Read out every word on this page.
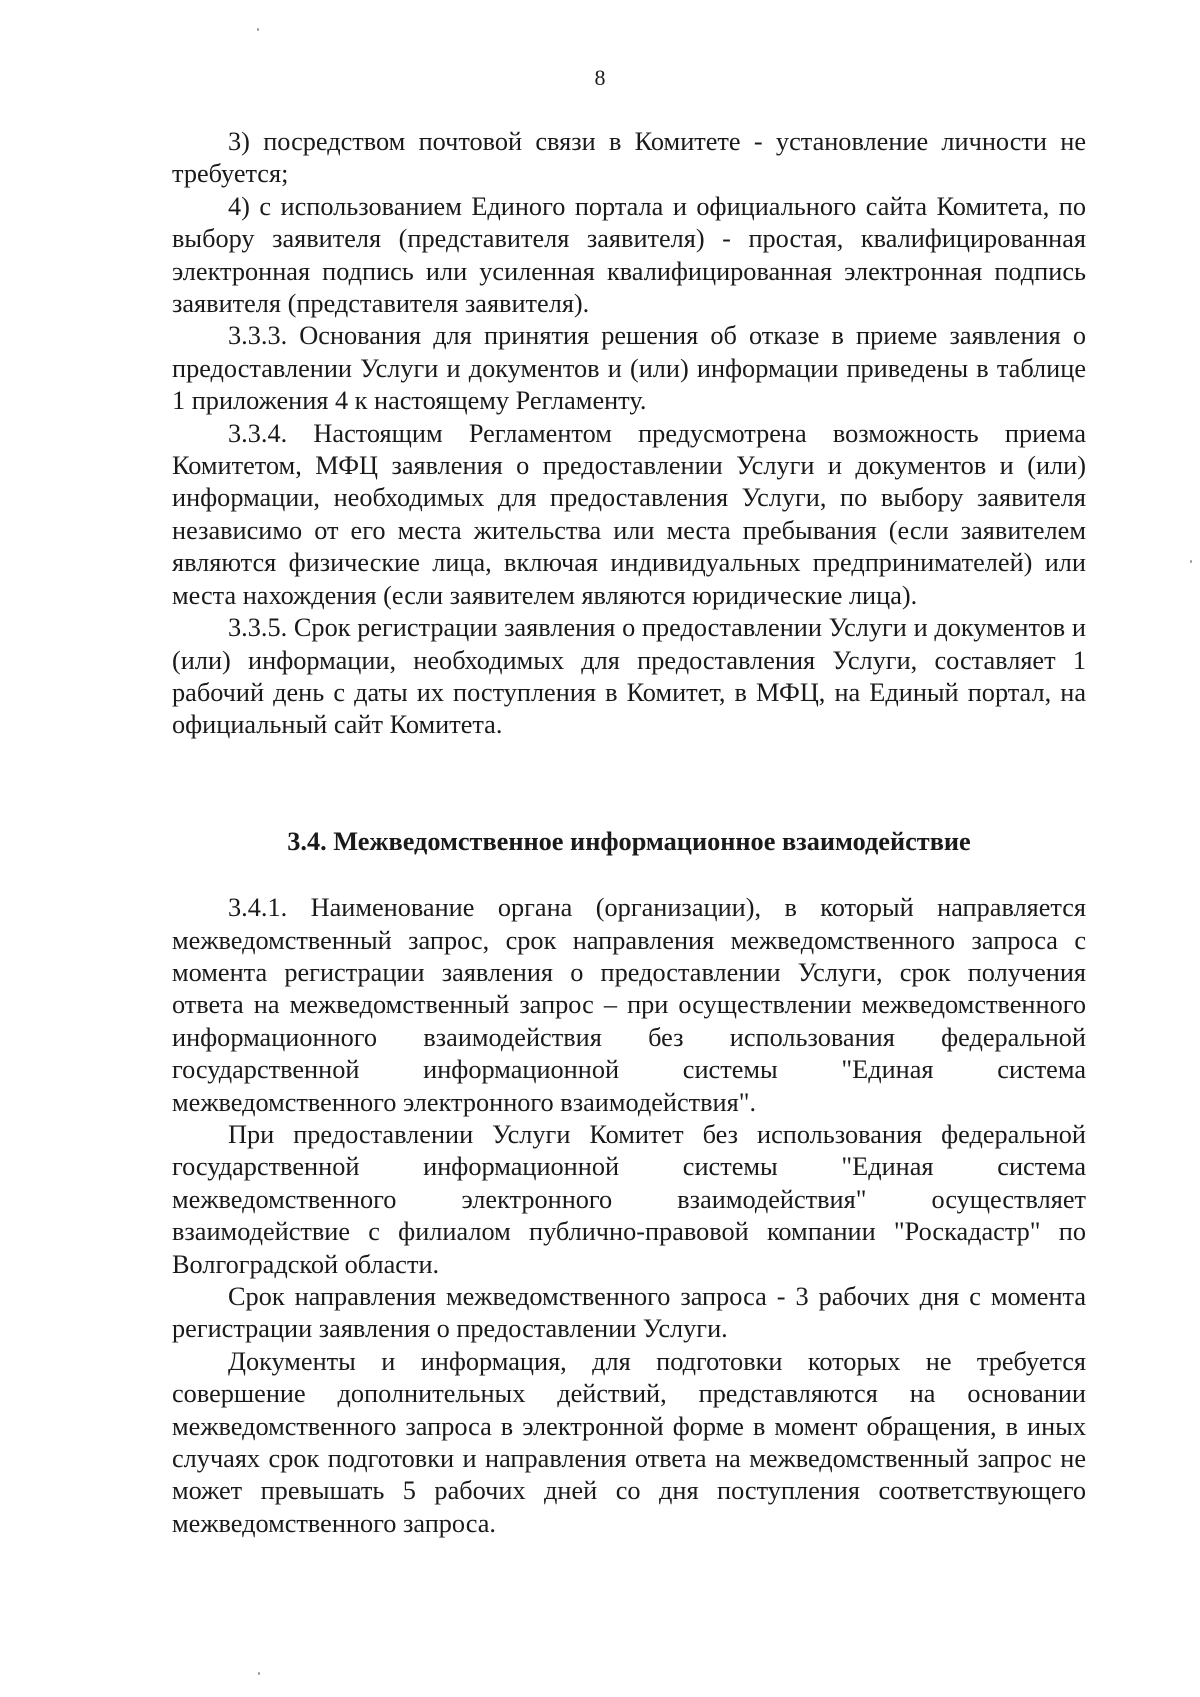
8

3) посредством почтовой связи в Комитете - установление личности не требуется;

4) с использованием Единого портала и официального сайта Комитета, по выбору заявителя (представителя заявителя) - простая, квалифицированная электронная подпись или усиленная квалифицированная электронная подпись заявителя (представителя заявителя).

3.3.3. Основания для принятия решения об отказе в приеме заявления о предоставлении Услуги и документов и (или) информации приведены в таблице 1 приложения 4 к настоящему Регламенту.

3.3.4. Настоящим Регламентом предусмотрена возможность приема Комитетом, МФЦ заявления о предоставлении Услуги и документов и (или) информации, необходимых для предоставления Услуги, по выбору заявителя независимо от его места жительства или места пребывания (если заявителем являются физические лица, включая индивидуальных предпринимателей) или места нахождения (если заявителем являются юридические лица).

3.3.5. Срок регистрации заявления о предоставлении Услуги и документов и (или) информации, необходимых для предоставления Услуги, составляет 1 рабочий день с даты их поступления в Комитет, в МФЦ, на Единый портал, на официальный сайт Комитета.

3.4. Межведомственное информационное взаимодействие

3.4.1. Наименование органа (организации), в который направляется межведомственный запрос, срок направления межведомственного запроса с момента регистрации заявления о предоставлении Услуги, срок получения ответа на межведомственный запрос – при осуществлении межведомственного информационного взаимодействия без использования федеральной государственной информационной системы "Единая система межведомственного электронного взаимодействия".

При предоставлении Услуги Комитет без использования федеральной государственной информационной системы "Единая система межведомственного электронного взаимодействия" осуществляет взаимодействие с филиалом публично-правовой компании "Роскадастр" по Волгоградской области.

Срок направления межведомственного запроса - 3 рабочих дня с момента регистрации заявления о предоставлении Услуги.

Документы и информация, для подготовки которых не требуется совершение дополнительных действий, представляются на основании межведомственного запроса в электронной форме в момент обращения, в иных случаях срок подготовки и направления ответа на межведомственный запрос не может превышать 5 рабочих дней со дня поступления соответствующего межведомственного запроса.
